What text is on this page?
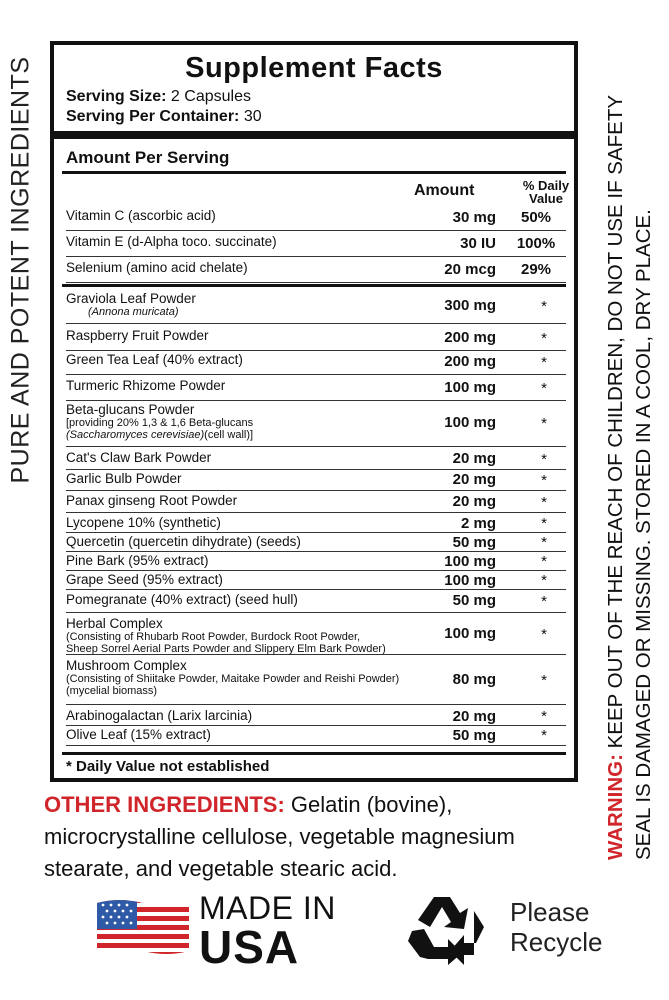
PURE AND POTENT INGREDIENTS
WARNING: KEEP OUT OF THE REACH OF CHILDREN, DO NOT USE IF SAFETY SEAL IS DAMAGED OR MISSING. STORED IN A COOL, DRY PLACE.
Supplement Facts
Serving Size: 2 Capsules
Serving Per Container: 30
Amount Per Serving
Amount	% Daily
Value
Vitamin C (ascorbic acid)	30 mg	50%
Vitamin E (d-Alpha toco. succinate)	30 IU	100%
Selenium (amino acid chelate)	20 mcg	29%
Graviola Leaf Powder
(Annona muricata)	300 mg	*
Raspberry Fruit Powder	200 mg	*
Green Tea Leaf (40% extract)	200 mg	*
Turmeric Rhizome Powder	100 mg	*
Beta-glucans Powder
[providing 20% 1,3 & 1,6 Beta-glucans
(Saccharomyces cerevisiae)(cell wall)]
100 mg	*
Cat's Claw Bark Powder	20 mg	*
Garlic Bulb Powder	20 mg	*
Panax ginseng Root Powder	20 mg	*
Lycopene 10% (synthetic)	2 mg	*
Quercetin (quercetin dihydrate) (seeds)	50 mg	*
Pine Bark (95% extract)	100 mg	*
Grape Seed (95% extract)	100 mg	*
Pomegranate (40% extract) (seed hull)	50 mg	*
Herbal Complex
(Consisting of Rhubarb Root Powder, Burdock Root Powder,
Sheep Sorrel Aerial Parts Powder and Slippery Elm Bark Powder)
100 mg	*
Mushroom Complex
(Consisting of Shiitake Powder, Maitake Powder and Reishi Powder)
(mycelial biomass)
80 mg	*
Arabinogalactan (Larix larcinia)	20 mg	*
Olive Leaf (15% extract)	50 mg	*
* Daily Value not established
OTHER INGREDIENTS: Gelatin (bovine), microcrystalline cellulose, vegetable magnesium stearate, and vegetable stearic acid.
MADE IN
USA
Please
Recycle
